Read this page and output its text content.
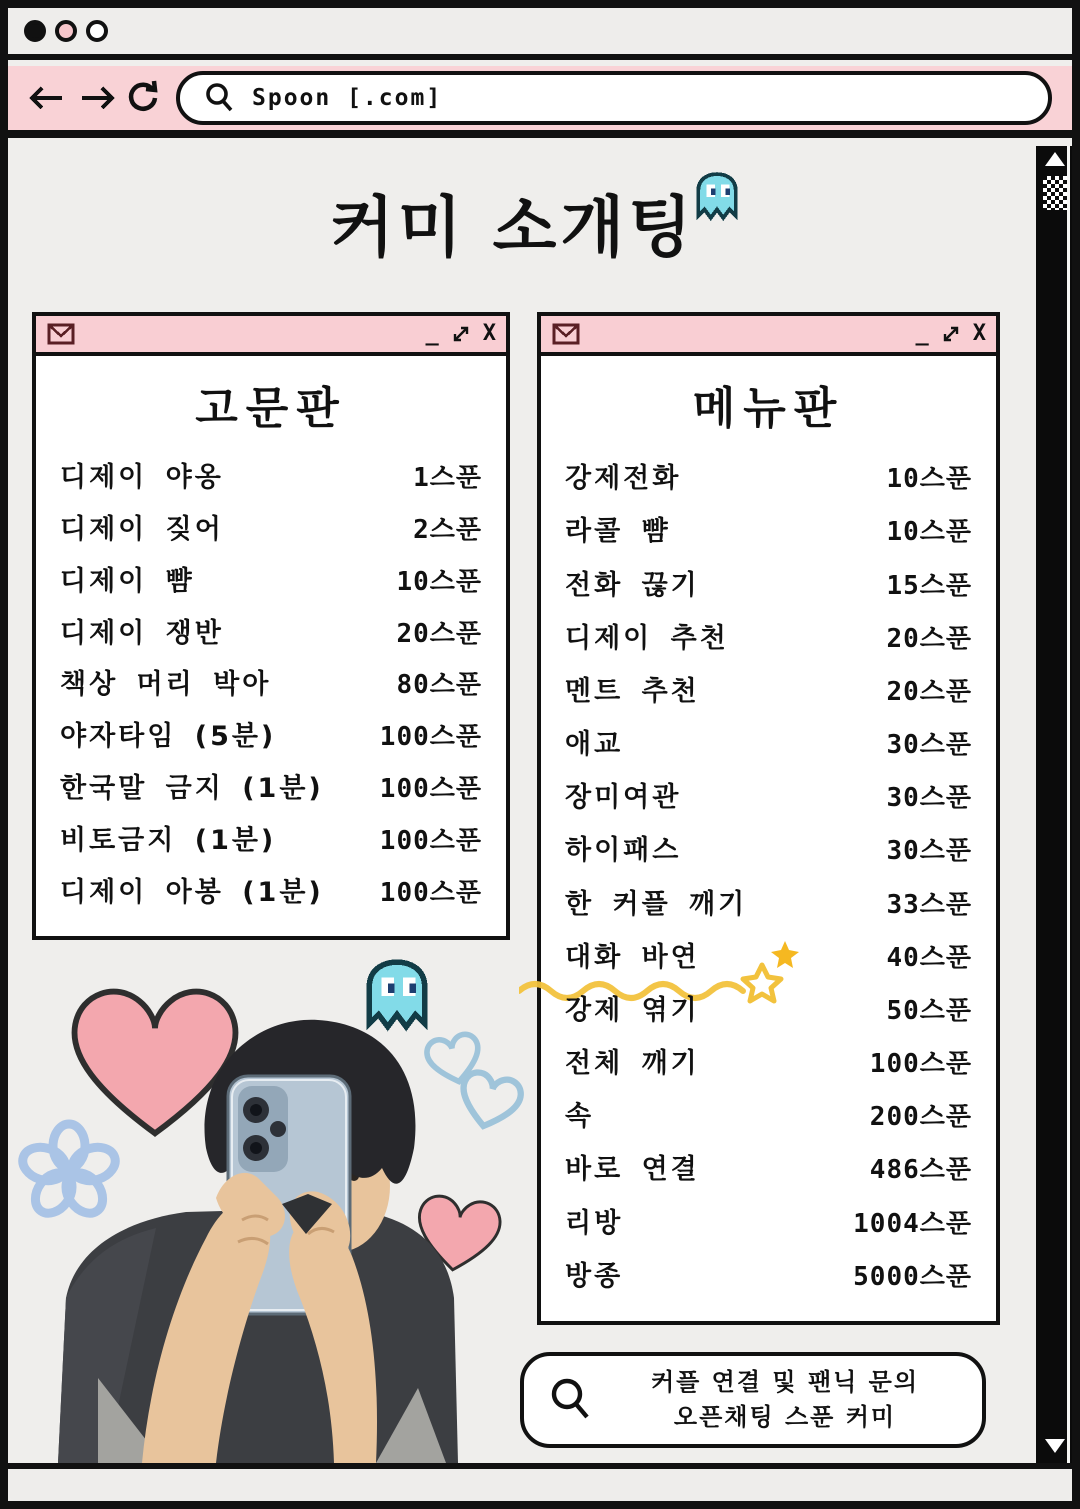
Spoon [.com]
커미 소개팅
_ X
고문판
디제이 야옹	1스푼
디제이 짖어	2스푼
디제이 뺨	10스푼
디제이 쟁반	20스푼
책상 머리 박아	80스푼
야자타임 (5분)	100스푼
한국말 금지 (1분) 100스푼
비토금지 (1분)	100스푼
디제이 아봉 (1분) 100스푼
_ X
메뉴판
강제전화	10스푼
라콜 뺨	10스푼
전화 끊기	15스푼
디제이 추천	20스푼
멘트 추천	20스푼
애교	30스푼
장미여관	30스푼
하이패스	30스푼
한 커플 깨기	33스푼
대화 바연	40스푼
강제 엮기	50스푼
전체 깨기	100스푼
속	200스푼
바로 연결	486스푼
리방	1004스푼
방종	5000스푼
커플 연결 및 팬닉 문의
오픈채팅 스푼 커미
